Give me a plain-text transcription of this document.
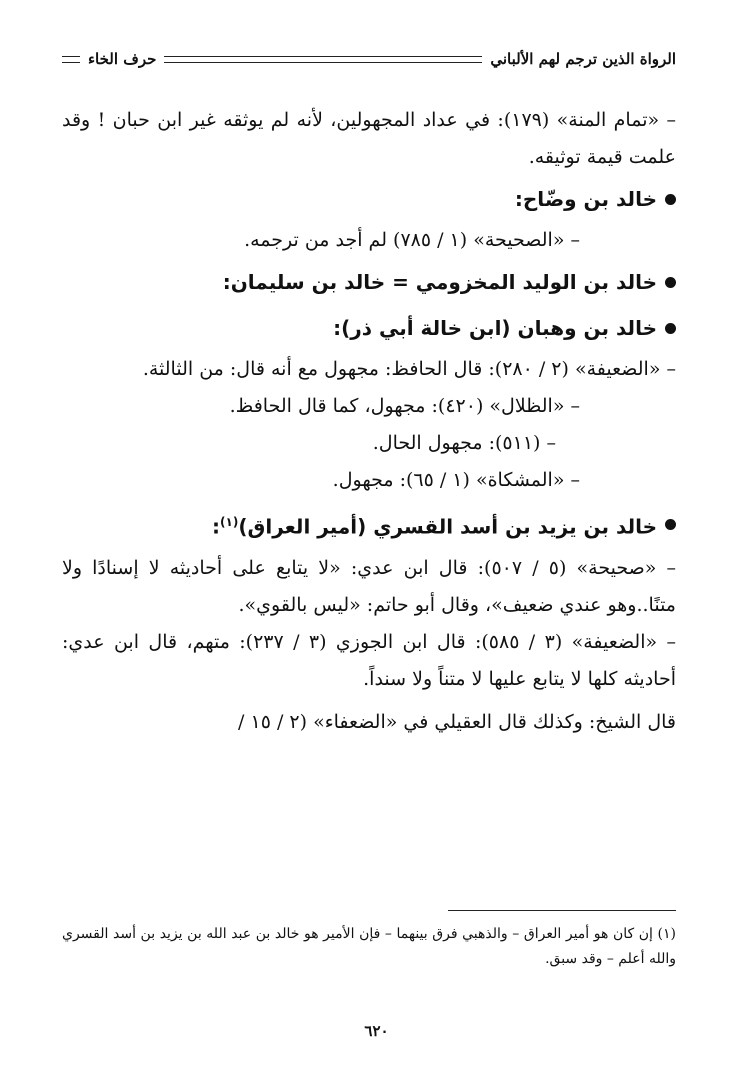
الرواة الذين ترجم لهم الألباني
حرف الخاء
– «تمام المنة» (١٧٩): في عداد المجهولين، لأنه لم يوثقه غير ابن حبان ! وقد علمت قيمة توثيقه.
خالد بن وضّاح:
– «الصحيحة» (١ / ٧٨٥) لم أجد من ترجمه.
خالد بن الوليد المخزومي = خالد بن سليمان:
خالد بن وهبان (ابن خالة أبي ذر):
– «الضعيفة» (٢ / ٢٨٠): قال الحافظ: مجهول مع أنه قال: من الثالثة.
– «الظلال» (٤٢٠): مجهول، كما قال الحافظ.
– (٥١١): مجهول الحال.
– «المشكاة» (١ / ٦٥): مجهول.
خالد بن يزيد بن أسد القسري (أمير العراق)$^{(١)}$:
– «صحيحة» (٥ / ٥٠٧): قال ابن عدي: «لا يتابع على أحاديثه لا إسنادًا ولا متنًا..وهو عندي ضعيف»، وقال أبو حاتم: «ليس بالقوي».
– «الضعيفة» (٣ / ٥٨٥): قال ابن الجوزي (٣ / ٢٣٧): متهم، قال ابن عدي: أحاديثه كلها لا يتابع عليها لا متناً ولا سنداً.
قال الشيخ: وكذلك قال العقيلي في «الضعفاء» (٢ / ١٥ /
(١) إن كان هو أمير العراق – والذهبي فرق بينهما – فإن الأمير هو خالد بن عبد الله بن يزيد بن أسد القسري والله أعلم – وقد سبق.
٦٢٠
